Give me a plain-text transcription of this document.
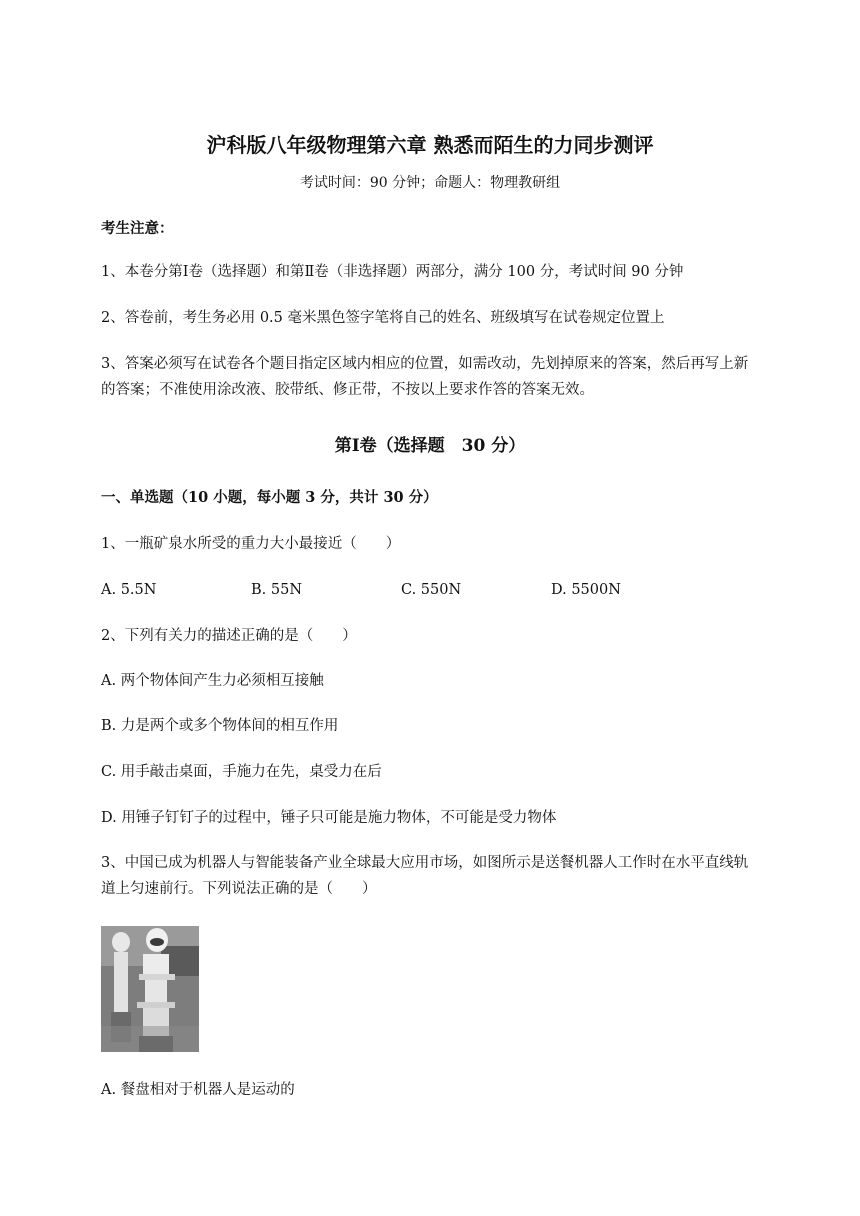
沪科版八年级物理第六章 熟悉而陌生的力同步测评
考试时间：90 分钟；命题人：物理教研组
考生注意：
1、本卷分第Ⅰ卷（选择题）和第Ⅱ卷（非选择题）两部分，满分 100 分，考试时间 90 分钟
2、答卷前，考生务必用 0.5 毫米黑色签字笔将自己的姓名、班级填写在试卷规定位置上
3、答案必须写在试卷各个题目指定区域内相应的位置，如需改动，先划掉原来的答案，然后再写上新
的答案；不准使用涂改液、胶带纸、修正带，不按以上要求作答的答案无效。
第Ⅰ卷（选择题　30 分）
一、单选题（10 小题，每小题 3 分，共计 30 分）
1、一瓶矿泉水所受的重力大小最接近（　　）
A. 5.5N	B. 55N	C. 550N	D. 5500N
2、下列有关力的描述正确的是（　　）
A. 两个物体间产生力必须相互接触
B. 力是两个或多个物体间的相互作用
C. 用手敲击桌面，手施力在先，桌受力在后
D. 用锤子钉钉子的过程中，锤子只可能是施力物体，不可能是受力物体
3、中国已成为机器人与智能装备产业全球最大应用市场，如图所示是送餐机器人工作时在水平直线轨
道上匀速前行。下列说法正确的是（　　）
A. 餐盘相对于机器人是运动的
